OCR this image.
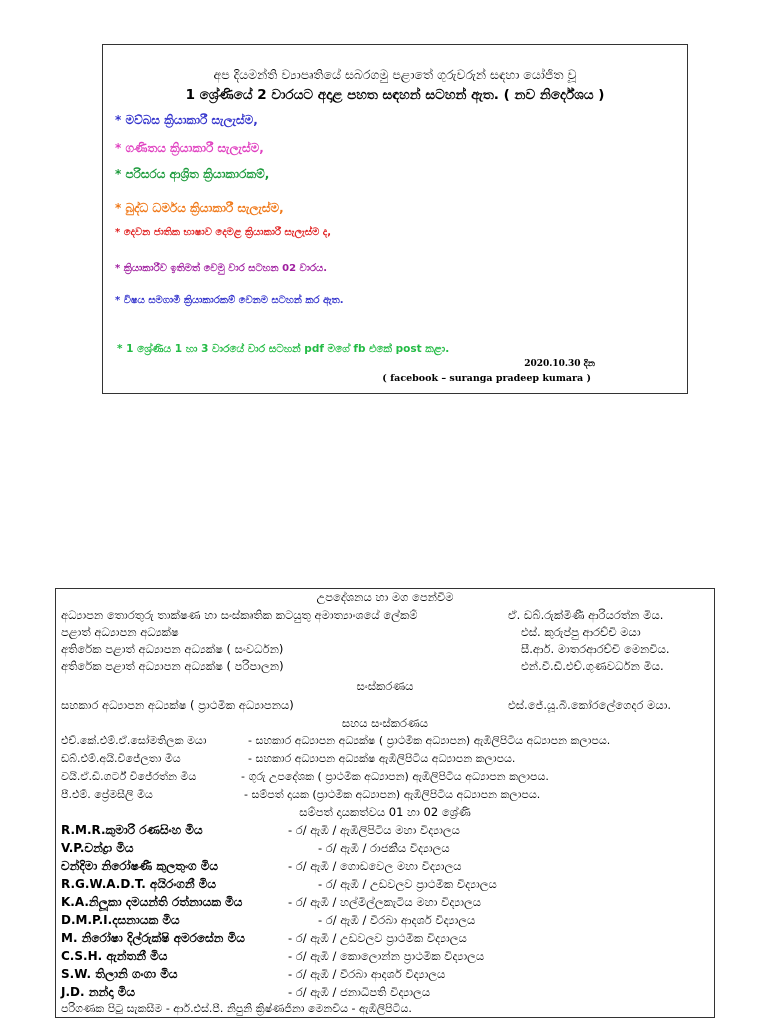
අප දියමන්ති ව්‍යාපෘතියේ සබරගමු පළාතේ ගුරුවරුන් සඳහා යෝජිත වූ
1 ශ්‍රේණියේ 2 වාරයට අදාළ පහත සඳහන් සටහන් ඇත. ( නව නිර්දේශය )
* මව්බස ක්‍රියාකාරී සැලැස්ම,
* ගණිතය ක්‍රියාකාරී සැලැස්ම,
* පරිසරය ආශ්‍රිත ක්‍රියාකාරකම්,
* බුද්ධ ධර්මය ක්‍රියාකාරී සැලැස්ම,
* දෙවන ජාතික භාෂාව දෙමළ ක්‍රියාකාරී සැලැස්ම ද,
* ක්‍රියාකාරීව ඉතිමත් වෙමු වාර සටහන 02 වාරය.
* විෂය සමගාමී ක්‍රියාකාරකම් වෙනම සටහන් කර ඇත.
* 1 ශ්‍රේණිය 1 හා 3 වාරයේ වාර සටහන් pdf මගේ fb එකේ post කළා.
2020.10.30 දින
( facebook – suranga pradeep kumara )
උපදේශනය හා මග පෙන්වීම
අධ්‍යාපන තොරතුරු තාක්ෂණ හා සංස්කෘතික කටයුතු අමාත්‍යාංශයේ ලේකම්	ඒ. ඩබ්.රුක්මිණී ආරියරත්න මිය.
පළාත් අධ්‍යාපන අධ්‍යක්ෂ	එස්. කුරුප්පු ආරච්චි මයා
අතිරේක පළාත් අධ්‍යාපන අධ්‍යක්ෂ ( සංවර්ධන)	සී.ආර්. මාතරආරච්චි මෙනවිය.
අතිරේක පළාත් අධ්‍යාපන අධ්‍යක්ෂ ( පරිපාලන)	එන්.වී.ඩී.එච්.ගුණවර්ධන මිය.
සංස්කරණය
සහකාර අධ්‍යාපන අධ්‍යක්ෂ ( ප්‍රාථමික අධ්‍යාපනය)	එස්.ජේ.යූ.බී.කෝරලේගෙදර මයා.
සහය සංස්කරණය
එච්.කේ.එම්.ඒ.සෝමතිලක මයා	- සහකාර අධ්‍යාපන අධ්‍යක්ෂ ( ප්‍රාථමික අධ්‍යාපන) ඇඹිලිපිටිය අධ්‍යාපන කලාපය.
ඩබ්.එම්.අයි.විජේලතා මිය	- සහකාර අධ්‍යාපන අධ්‍යක්ෂ ඇඹිලිපිටිය අධ්‍යාපන කලාපය.
වයි.ඒ.ඩී.ගර්ට් විජේරත්න මිය	- ගුරු උපදේශක ( ප්‍රාථමික අධ්‍යාපන) ඇඹිලිපිටිය අධ්‍යාපන කලාපය.
පී.එම්. ප්‍රේමසීලි මිය	- සම්පත් දායක (ප්‍රාථමික අධ්‍යාපන) ඇඹිලිපිටිය අධ්‍යාපන කලාපය.
සම්පත් දායකත්වය 01 හා 02 ශ්‍රේණි
R.M.R.කුමාරි රණසිංහ මිය	- ර/ ඇඹි / ඇඹිලිපිටිය මහා විද්‍යාලය
V.P.චන්ද්‍රා මිය	- ර/ ඇඹි / රාජකීය විද්‍යාලය
චන්දිමා නිරෝෂණී කුලතුංග මිය	- ර/ ඇඹි / ගොඩවෙල මහා විද්‍යාලය
R.G.W.A.D.T. අයිරංගනී මිය	- ර/ ඇඹි / උඩවලව ප්‍රාථමික විද්‍යාලය
K.A.නිලූකා දමයන්ති රත්නායක මිය	- ර/ ඇඹි / හල්මිල්ලකැටිය මහා විද්‍යාලය
D.M.P.I.දසනායක මිය	- ර/ ඇඹි / වීරබා ආදර්ශ විද්‍යාලය
M. නිරෝෂා දිල්රුක්ෂි අමරසේන මිය	- ර/ ඇඹි / උඩවලව ප්‍රාථමික විද්‍යාලය
C.S.H. ඇන්තනී මිය	- ර/ ඇඹි / කොලොන්න ප්‍රාථමික විද්‍යාලය
S.W. තිලානි ගංගා මිය	- ර/ ඇඹි / වීරබා ආදර්ශ විද්‍යාලය
J.D. නන්දා මිය	- ර/ ඇඹි / ජනාධිපති විද්‍යාලය
පරිගණක පිටු සැකසීම - ආර්.එස්.පී. නිපුනි ක්‍රිෂ්ණජිනා මෙනවිය - ඇඹිලිපිටිය.
